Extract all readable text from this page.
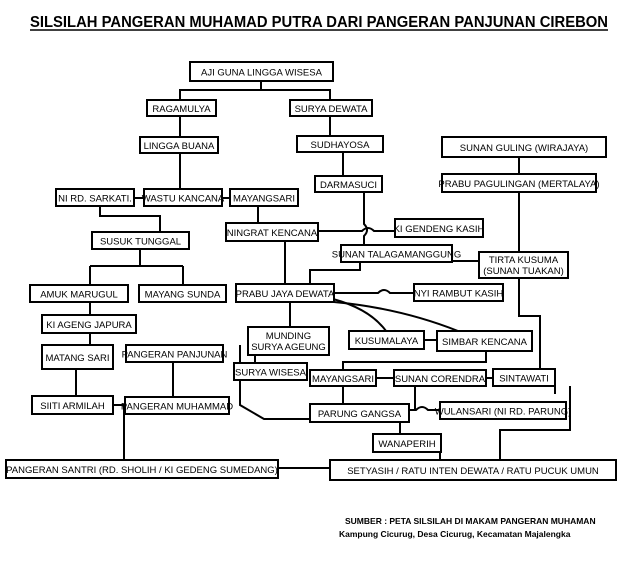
SILSILAH PANGERAN MUHAMAD PUTRA DARI PANGERAN PANJUNAN CIREBON
AJI GUNA LINGGA WISESA
RAGAMULYA	SURYA DEWATA
LINGGA BUANA	SUDHAYOSA	SUNAN GULING (WIRAJAYA)
DARMASUCI	PRABU PAGULINGAN (MERTALAYA)
NI RD. SARKATI. WASTU KANCANA MAYANGSARI
NINGRAT KENCANA	KI GENDENG KASIH
SUSUK TUNGGAL
SUNAN TALAGAMANGGUNG	TIRTA KUSUMA
(SUNAN TUAKAN)
AMUK MARUGUL	MAYANG SUNDA PRABU JAYA DEWATA	NYI RAMBUT KASIH
KI AGENG JAPURA
MUNDING
SURYA AGEUNG
KUSUMALAYA SIMBAR KENCANA
MATANG SARI PANGERAN PANJUNAN
SURYA WISESA
MAYANGSARI SUNAN CORENDRA SINTAWATI
SIITI ARMILAH PANGERAN MUHAMMAD
PARUNG GANGSA	WULANSARI (NI RD. PARUNG)
WANAPERIH
PANGERAN SANTRI (RD. SHOLIH / KI GEDENG SUMEDANG)	SETYASIH / RATU INTEN DEWATA / RATU PUCUK UMUN
SUMBER : PETA SILSILAH DI MAKAM PANGERAN MUHAMAN
Kampung Cicurug, Desa Cicurug, Kecamatan Majalengka
